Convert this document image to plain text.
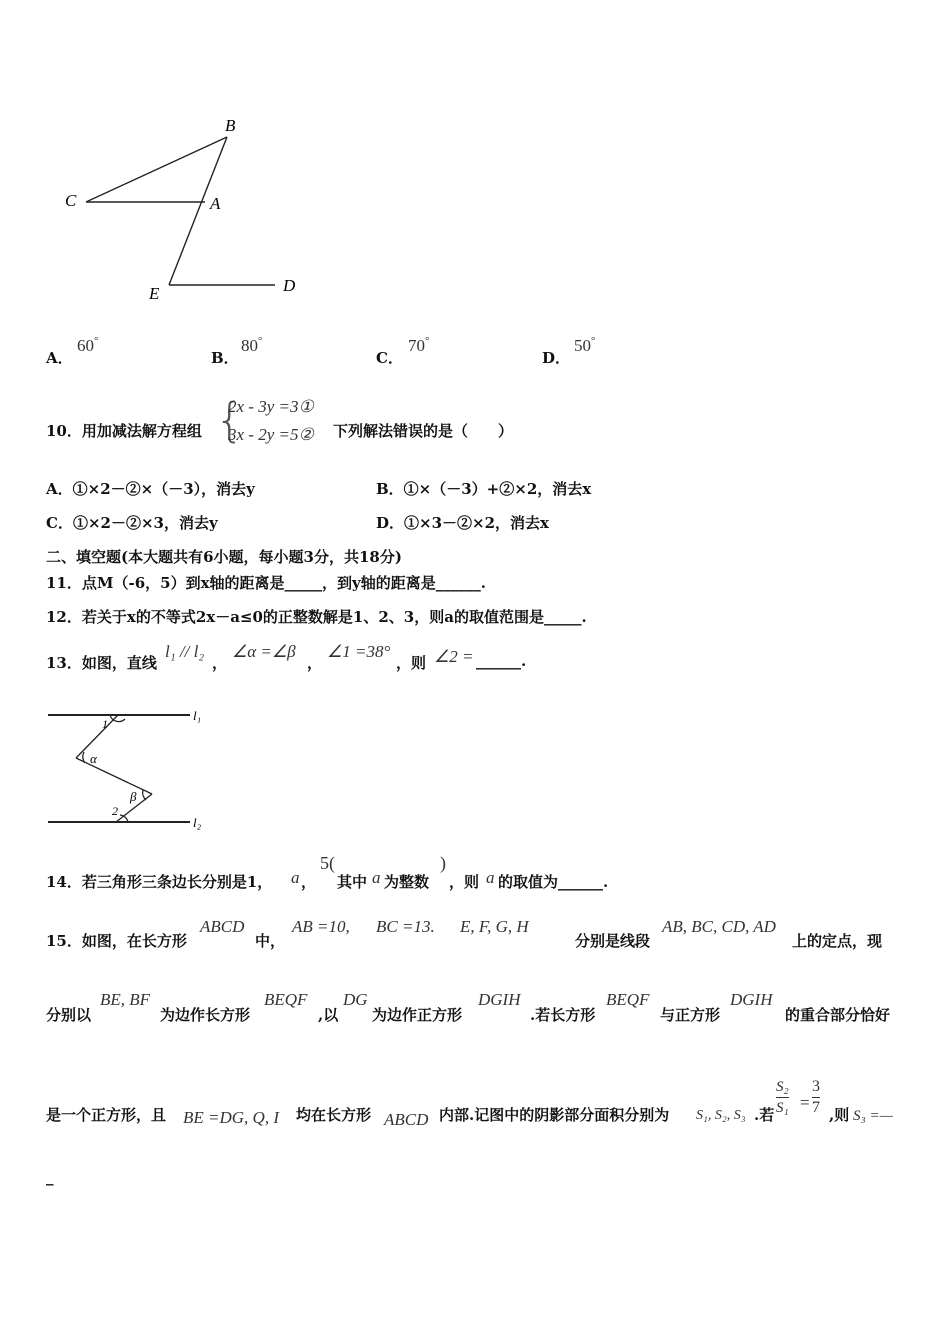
B
C	A
E	D
A．
60°
B．
80°
C．
70°
D．
50°
10．用加减法解方程组 {
2x - 3y =3①
3x - 2y =5② 下列解法错误的是（　　）
A．①×2－②×（－3），消去y	B．①×（－3）+②×2，消去x
C．①×2－②×3，消去y	D．①×3－②×2，消去x
二、填空题(本大题共有6小题，每小题3分，共18分)
11．点M（-6，5）到x轴的距离是_____，到y轴的距离是______.
12．若关于x的不等式2x－a≤0的正整数解是1、2、3，则a的取值范围是_____.
13．如图，直线
l₁ // l₂
，
∠α =∠β
，
∠1 =38°
，则 ∠2 = ______.
1
α
β
2
l₁
l₂
14．若三角形三条边长分别是1， a ，
5(
其中 a 为整数
)
，则 a 的取值为______.
15．如图，在长方形
ABCD
中，
AB =10, BC =13. E, F, G, H
分别是线段
AB, BC, CD, AD
上的定点，现
分别以
BE, BF
为边作长方形
BEQF
,以
DG
为边作正方形
DGIH
.若长方形
BEQF
与正方形
DGIH
的重合部分恰好
是一个正方形，且 BE =DG, Q, I 均在长方形 ABCD 内部.记图中的阴影部分面积分别为 S₁, S₂, S₃ .若 $\frac{\text{S₂}}{\text{S₁}} = \frac{3}{7}$ ,则 S₃ =—
_
